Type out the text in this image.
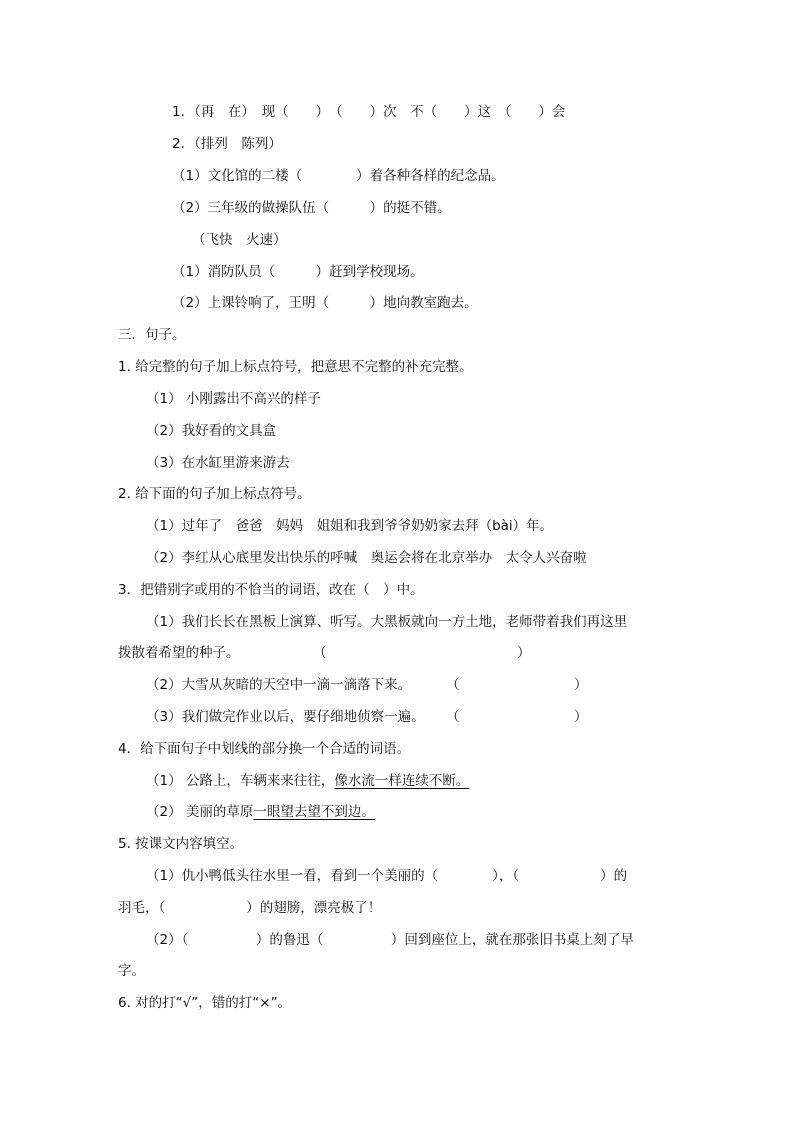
1．（再　在）　现（　　）　（　　）次　不（　　）这　（　　）会
2．（排列　陈列）
（1）文化馆的二楼（　　　　）着各种各样的纪念品。
（2）三年级的做操队伍（　　　）的挺不错。
（飞快　火速）
（1）消防队员（　　　）赶到学校现场。
（2）上课铃响了，王明（　　　）地向教室跑去。
三．句子。
1. 给完整的句子加上标点符号，把意思不完整的补充完整。
（1） 小刚露出不高兴的样子
（2）我好看的文具盒
（3）在水缸里游来游去
2. 给下面的句子加上标点符号。
（1）过年了　爸爸　妈妈　姐姐和我到爷爷奶奶家去拜（bài）年。
（2）李红从心底里发出快乐的呼喊　奥运会将在北京举办　太令人兴奋啦
3．把错别字或用的不恰当的词语，改在（　）中。
（1）我们长长在黑板上演算、听写。大黑板就向一方土地，老师带着我们再这里
拨散着希望的种子。	（	）
（2）大雪从灰暗的天空中一滴一滴落下来。	（	）
（3）我们做完作业以后，要仔细地侦察一遍。 （	）
4．给下面句子中划线的部分换一个合适的词语。
（1） 公路上，车辆来来往往，像水流一样连续不断。
（2） 美丽的草原一眼望去望不到边。
5. 按课文内容填空。
（1）仇小鸭低头往水里一看，看到一个美丽的（　　　　），（　　　　　　）的
羽毛，（　　　　　　）的翅膀，漂亮极了！
（2）（　　　　　）的鲁迅（　　　　　）回到座位上，就在那张旧书桌上刻了早
字。
6. 对的打“√”，错的打“×”。
